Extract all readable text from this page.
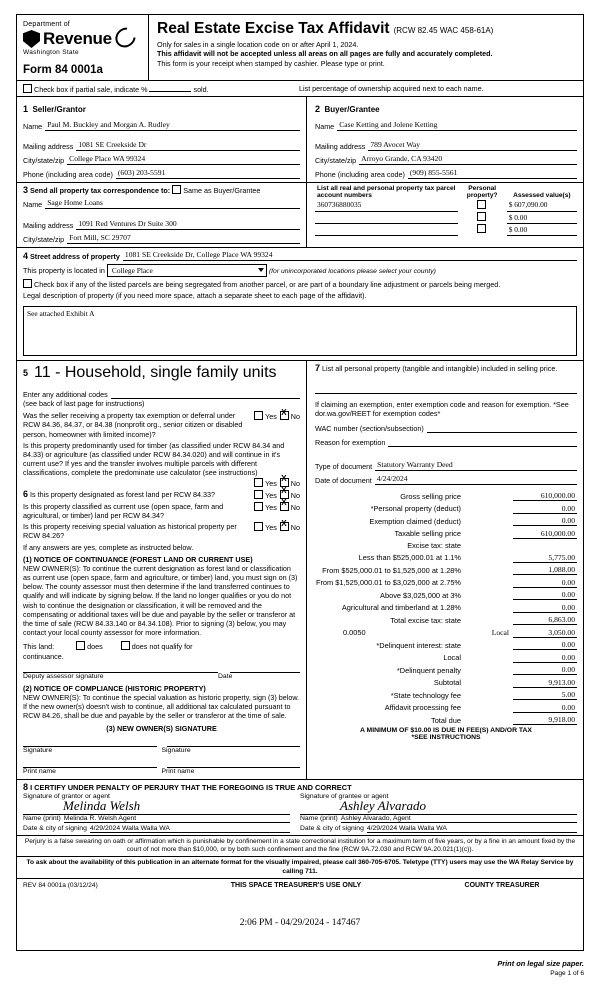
Department of
Revenue
Washington State
Form 84 0001a
Real Estate Excise Tax Affidavit (RCW 82.45 WAC 458-61A)
Only for sales in a single location code on or after April 1, 2024.
This affidavit will not be accepted unless all areas on all pages are fully and accurately completed.
This form is your receipt when stamped by cashier. Please type or print.
Check box if partial sale, indicate %	sold.	List percentage of ownership acquired next to each name.
1 Seller/Grantor
Name Paul M. Buckley and Morgan A. Rudley
Mailing address 1081 SE Creekside Dr
City/state/zip College Place WA 99324
Phone (including area code) (603) 203-5591
2 Buyer/Grantee
Name Case Ketting and Jolene Ketting
Mailing address 789 Avocet Way
City/state/zip Arroyo Grande, CA 93420
Phone (including area code) (909) 855-5561
3 Send all property tax correspondence to: Same as Buyer/Grantee
Name Sage Home Loans
Mailing address 1091 Red Ventures Dr Suite 300
City/state/zip Fort Mill, SC 29707
List all real and personal property tax parcel account numbers	Personal property?	Assessed value(s)
360736880035		$ 607,090.00
		$ 0.00
		$ 0.00
4 Street address of property 1081 SE Creekside Dr, College Place WA 99324
This property is located in College Place	(for unincorporated locations please select your county)
Check box if any of the listed parcels are being segregated from another parcel, or are part of a boundary line adjustment or parcels being merged.
Legal description of property (if you need more space, attach a separate sheet to each page of the affidavit).
See attached Exhibit A
5 11 - Household, single family units
Enter any additional codes
(see back of last page for instructions)
Was the seller receiving a property tax exemption or deferral under RCW 84.36, 84.37, or 84.38 (nonprofit org., senior citizen or disabled person, homeowner with limited income)?
Yes X No
Is this property predominantly used for timber (as classified under RCW 84.34 and 84.33) or agriculture (as classified under RCW 84.34.020) and will continue in it's current use? If yes and the transfer involves multiple parcels with different classifications, complete the predominate use calculator (see instructions)
Yes X No
6 Is this property designated as forest land per RCW 84.33?	Yes X No
Is this property classified as current use (open space, farm and agricultural, or timber) land per RCW 84.34?
Yes X No
Is this property receiving special valuation as historical property per RCW 84.26?
Yes X No
If any answers are yes, complete as instructed below.
(1) NOTICE OF CONTINUANCE (FOREST LAND OR CURRENT USE)
NEW OWNER(S): To continue the current designation as forest land or classification as current use (open space, farm and agriculture, or timber) land, you must sign on (3) below. The county assessor must then determine if the land transferred continues to qualify and will indicate by signing below. If the land no longer qualifies or you do not wish to continue the designation or classification, it will be removed and the compensating or additional taxes will be due and payable by the seller or transferor at the time of sale (RCW 84.33.140 or 84.34.108). Prior to signing (3) below, you may contact your local county assessor for more information.
This land:	does	does not qualify for
continuance.
Deputy assessor signature	Date
(2) NOTICE OF COMPLIANCE (HISTORIC PROPERTY)
NEW OWNER(S): To continue the special valuation as historic property, sign (3) below. If the new owner(s) doesn't wish to continue, all additional tax calculated pursuant to RCW 84.26, shall be due and payable by the seller or transferor at the time of sale.
(3) NEW OWNER(S) SIGNATURE
Signature	Signature
Print name	Print name
7 List all personal property (tangible and intangible) included in selling price.
If claiming an exemption, enter exemption code and reason for exemption. *See dor.wa.gov/REET for exemption codes*
WAC number (section/subsection)
Reason for exemption
Type of document Statutory Warranty Deed
Date of document 4/24/2024
Gross selling price		610,000.00
*Personal property (deduct)		0.00
Exemption claimed (deduct)		0.00
Taxable selling price		610,000.00
Excise tax: state		
Less than $525,000.01 at 1.1%		5,775.00
From $525,000.01 to $1,525,000 at 1.28%		1,088.00
From $1,525,000.01 to $3,025,000 at 2.75%		0.00
Above $3,025,000 at 3%		0.00
Agricultural and timberland at 1.28%		0.00
Total excise tax: state		6,863.00
0.0050	Local	3,050.00
*Delinquent interest: state		0.00
Local		0.00
*Delinquent penalty		0.00
Subtotal		9,913.00
*State technology fee		5.00
Affidavit processing fee		0.00
Total due		9,918.00
A MINIMUM OF $10.00 IS DUE IN FEE(S) AND/OR TAX
*SEE INSTRUCTIONS
8 I CERTIFY UNDER PENALTY OF PERJURY THAT THE FOREGOING IS TRUE AND CORRECT
Signature of grantor or agent
Melinda Welsh
Name (print) Melinda R. Welsh Agent
Date & city of signing 4/29/2024 Walla Walla WA
Signature of grantee or agent
Ashley Alvarado
Name (print) Ashley Alvarado, Agent
Date & city of signing 4/29/2024 Walla Walla WA
Perjury is a false swearing on oath or affirmation which is punishable by confinement in a state correctional institution for a maximum term of five years, or by a fine in an amount fixed by the court of not more than $10,000, or by both such confinement and the fine (RCW 9A.72.030 and RCW 9A.20.021(1)(c)).
To ask about the availability of this publication in an alternate format for the visually impaired, please call 360-705-6705. Teletype (TTY) users may use the WA Relay Service by calling 711.
REV 84 0001a (03/12/24)	THIS SPACE TREASURER'S USE ONLY	COUNTY TREASURER
2:06 PM - 04/29/2024 - 147467
Print on legal size paper.
Page 1 of 6
